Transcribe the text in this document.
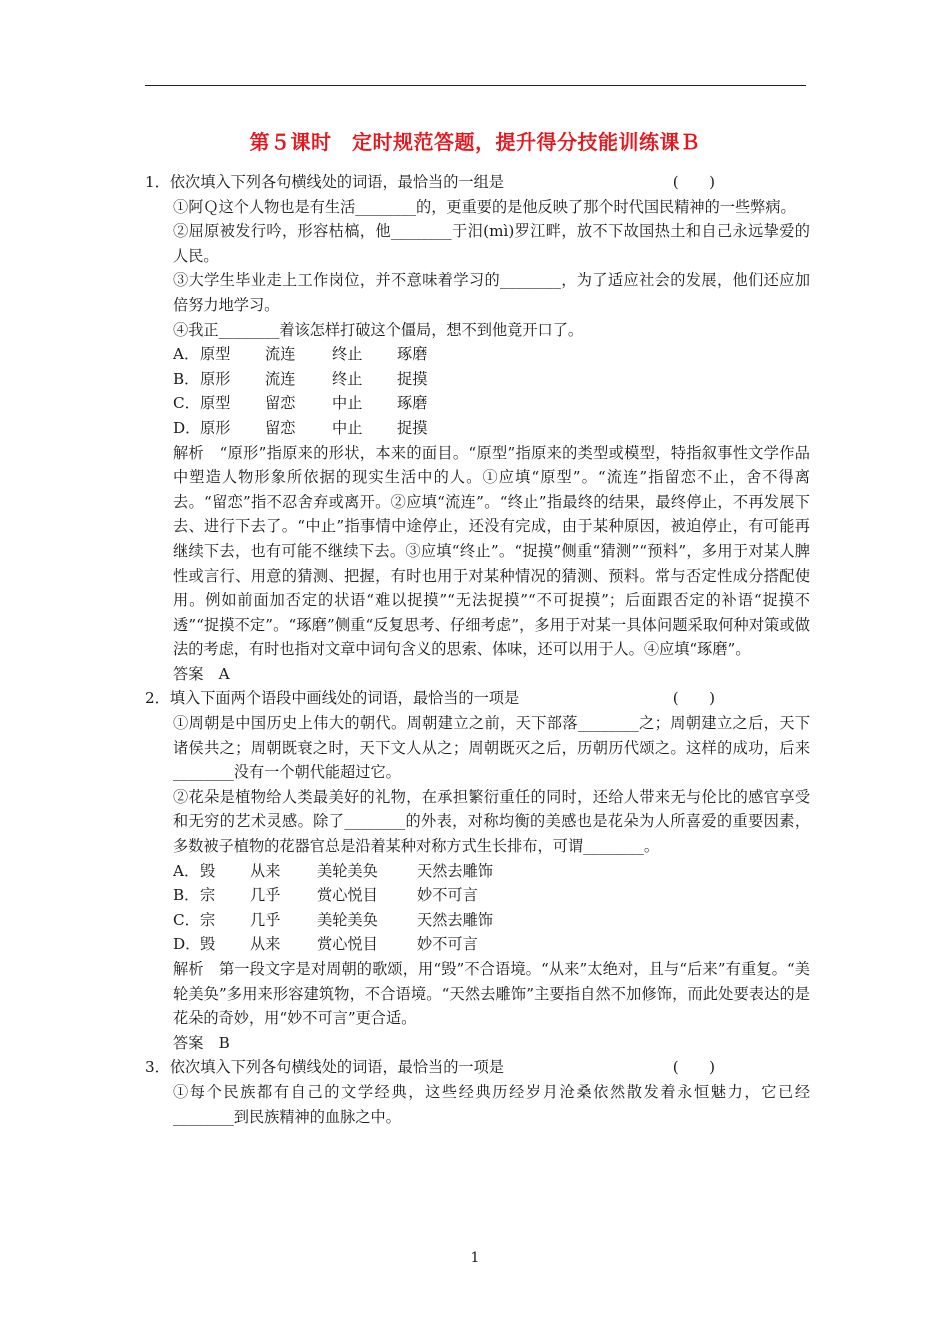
第５课时　定时规范答题，提升得分技能训练课Ｂ
1．依次填入下列各句横线处的词语，最恰当的一组是	(　　)

①阿Ｑ这个人物也是有生活________的，更重要的是他反映了那个时代国民精神的一些弊病。

②屈原被发行吟，形容枯槁，他________于汨(mì)罗江畔，放不下故国热土和自己永远挚爱的人民。

③大学生毕业走上工作岗位，并不意味着学习的________，为了适应社会的发展，他们还应加倍努力地学习。

④我正________着该怎样打破这个僵局，想不到他竟开口了。

A． 原型	流连	终止	琢磨
B． 原形	流连	终止	捉摸
C． 原型	留恋	中止	琢磨
D． 原形	留恋	中止	捉摸

解析　“原形”指原来的形状，本来的面目。“原型”指原来的类型或模型，特指叙事性文学作品中塑造人物形象所依据的现实生活中的人。①应填“原型”。“流连”指留恋不止，舍不得离去。“留恋”指不忍舍弃或离开。②应填“流连”。“终止”指最终的结果，最终停止，不再发展下去、进行下去了。“中止”指事情中途停止，还没有完成，由于某种原因，被迫停止，有可能再继续下去，也有可能不继续下去。③应填“终止”。“捉摸”侧重“猜测”“预料”，多用于对某人脾性或言行、用意的猜测、把握，有时也用于对某种情况的猜测、预料。常与否定性成分搭配使用。例如前面加否定的状语“难以捉摸”“无法捉摸”“不可捉摸”；后面跟否定的补语“捉摸不透”“捉摸不定”。“琢磨”侧重“反复思考、仔细考虑”，多用于对某一具体问题采取何种对策或做法的考虑，有时也指对文章中词句含义的思索、体味，还可以用于人。④应填“琢磨”。

答案　A

2．填入下面两个语段中画线处的词语，最恰当的一项是	(　　)

①周朝是中国历史上伟大的朝代。周朝建立之前，天下部落________之；周朝建立之后，天下诸侯共之；周朝既衰之时，天下文人从之；周朝既灭之后，历朝历代颂之。这样的成功，后来________没有一个朝代能超过它。

②花朵是植物给人类最美好的礼物，在承担繁衍重任的同时，还给人带来无与伦比的感官享受和无穷的艺术灵感。除了________的外表，对称均衡的美感也是花朵为人所喜爱的重要因素，多数被子植物的花器官总是沿着某种对称方式生长排布，可谓________。

A． 毁	从来	美轮美奂	天然去雕饰
B． 宗	几乎	赏心悦目	妙不可言
C． 宗	几乎	美轮美奂	天然去雕饰
D． 毁	从来	赏心悦目	妙不可言

解析　第一段文字是对周朝的歌颂，用“毁”不合语境。“从来”太绝对，且与“后来”有重复。“美轮美奂”多用来形容建筑物，不合语境。“天然去雕饰”主要指自然不加修饰，而此处要表达的是花朵的奇妙，用“妙不可言”更合适。

答案　B

3．依次填入下列各句横线处的词语，最恰当的一项是	(　　)

①每个民族都有自己的文学经典，这些经典历经岁月沧桑依然散发着永恒魅力，它已经________到民族精神的血脉之中。

1
